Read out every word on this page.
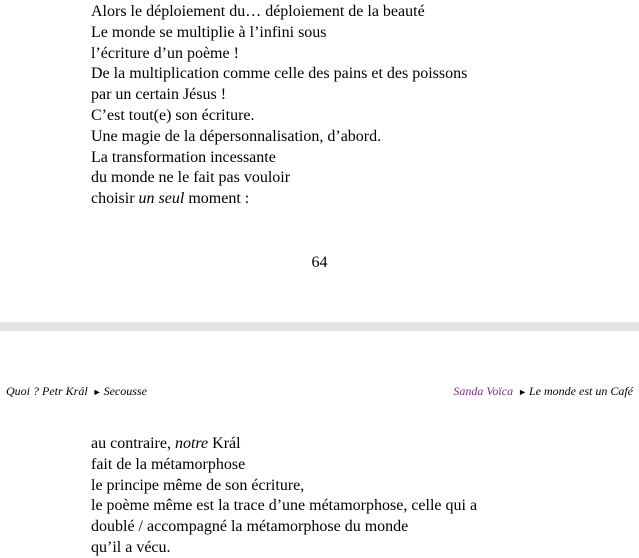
Alors le déploiement du… déploiement de la beauté
Le monde se multiplie à l’infini sous
l’écriture d’un poème !
De la multiplication comme celle des pains et des poissons
par un certain Jésus !
C’est tout(e) son écriture.
Une magie de la dépersonnalisation, d’abord.
La transformation incessante
du monde ne le fait pas vouloir
choisir un seul moment :
64
Quoi ? Petr Král ► Secousse	Sanda Voïca ► Le monde est un Café
au contraire, notre Král
fait de la métamorphose
le principe même de son écriture,
le poème même est la trace d’une métamorphose, celle qui a
doublé / accompagné la métamorphose du monde
qu’il a vécu.
